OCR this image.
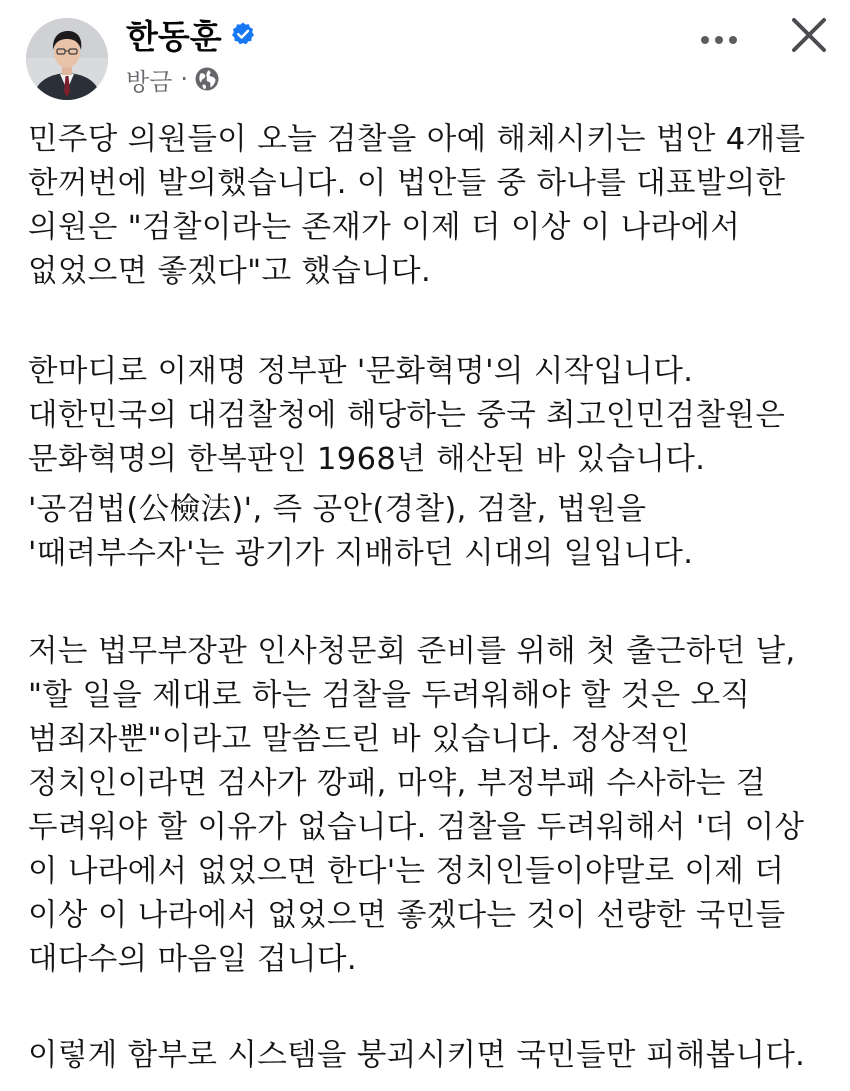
한동훈
방금 ·
민주당 의원들이 오늘 검찰을 아예 해체시키는 법안 4개를
한꺼번에 발의했습니다. 이 법안들 중 하나를 대표발의한
의원은 "검찰이라는 존재가 이제 더 이상 이 나라에서
없었으면 좋겠다"고 했습니다.
한마디로 이재명 정부판 '문화혁명'의 시작입니다.
대한민국의 대검찰청에 해당하는 중국 최고인민검찰원은
문화혁명의 한복판인 1968년 해산된 바 있습니다.
'공검법(公檢法)', 즉 공안(경찰), 검찰, 법원을
'때려부수자'는 광기가 지배하던 시대의 일입니다.
저는 법무부장관 인사청문회 준비를 위해 첫 출근하던 날,
"할 일을 제대로 하는 검찰을 두려워해야 할 것은 오직
범죄자뿐"이라고 말씀드린 바 있습니다. 정상적인
정치인이라면 검사가 깡패, 마약, 부정부패 수사하는 걸
두려워야 할 이유가 없습니다. 검찰을 두려워해서 '더 이상
이 나라에서 없었으면 한다'는 정치인들이야말로 이제 더
이상 이 나라에서 없었으면 좋겠다는 것이 선량한 국민들
대다수의 마음일 겁니다.
이렇게 함부로 시스템을 붕괴시키면 국민들만 피해봅니다.
